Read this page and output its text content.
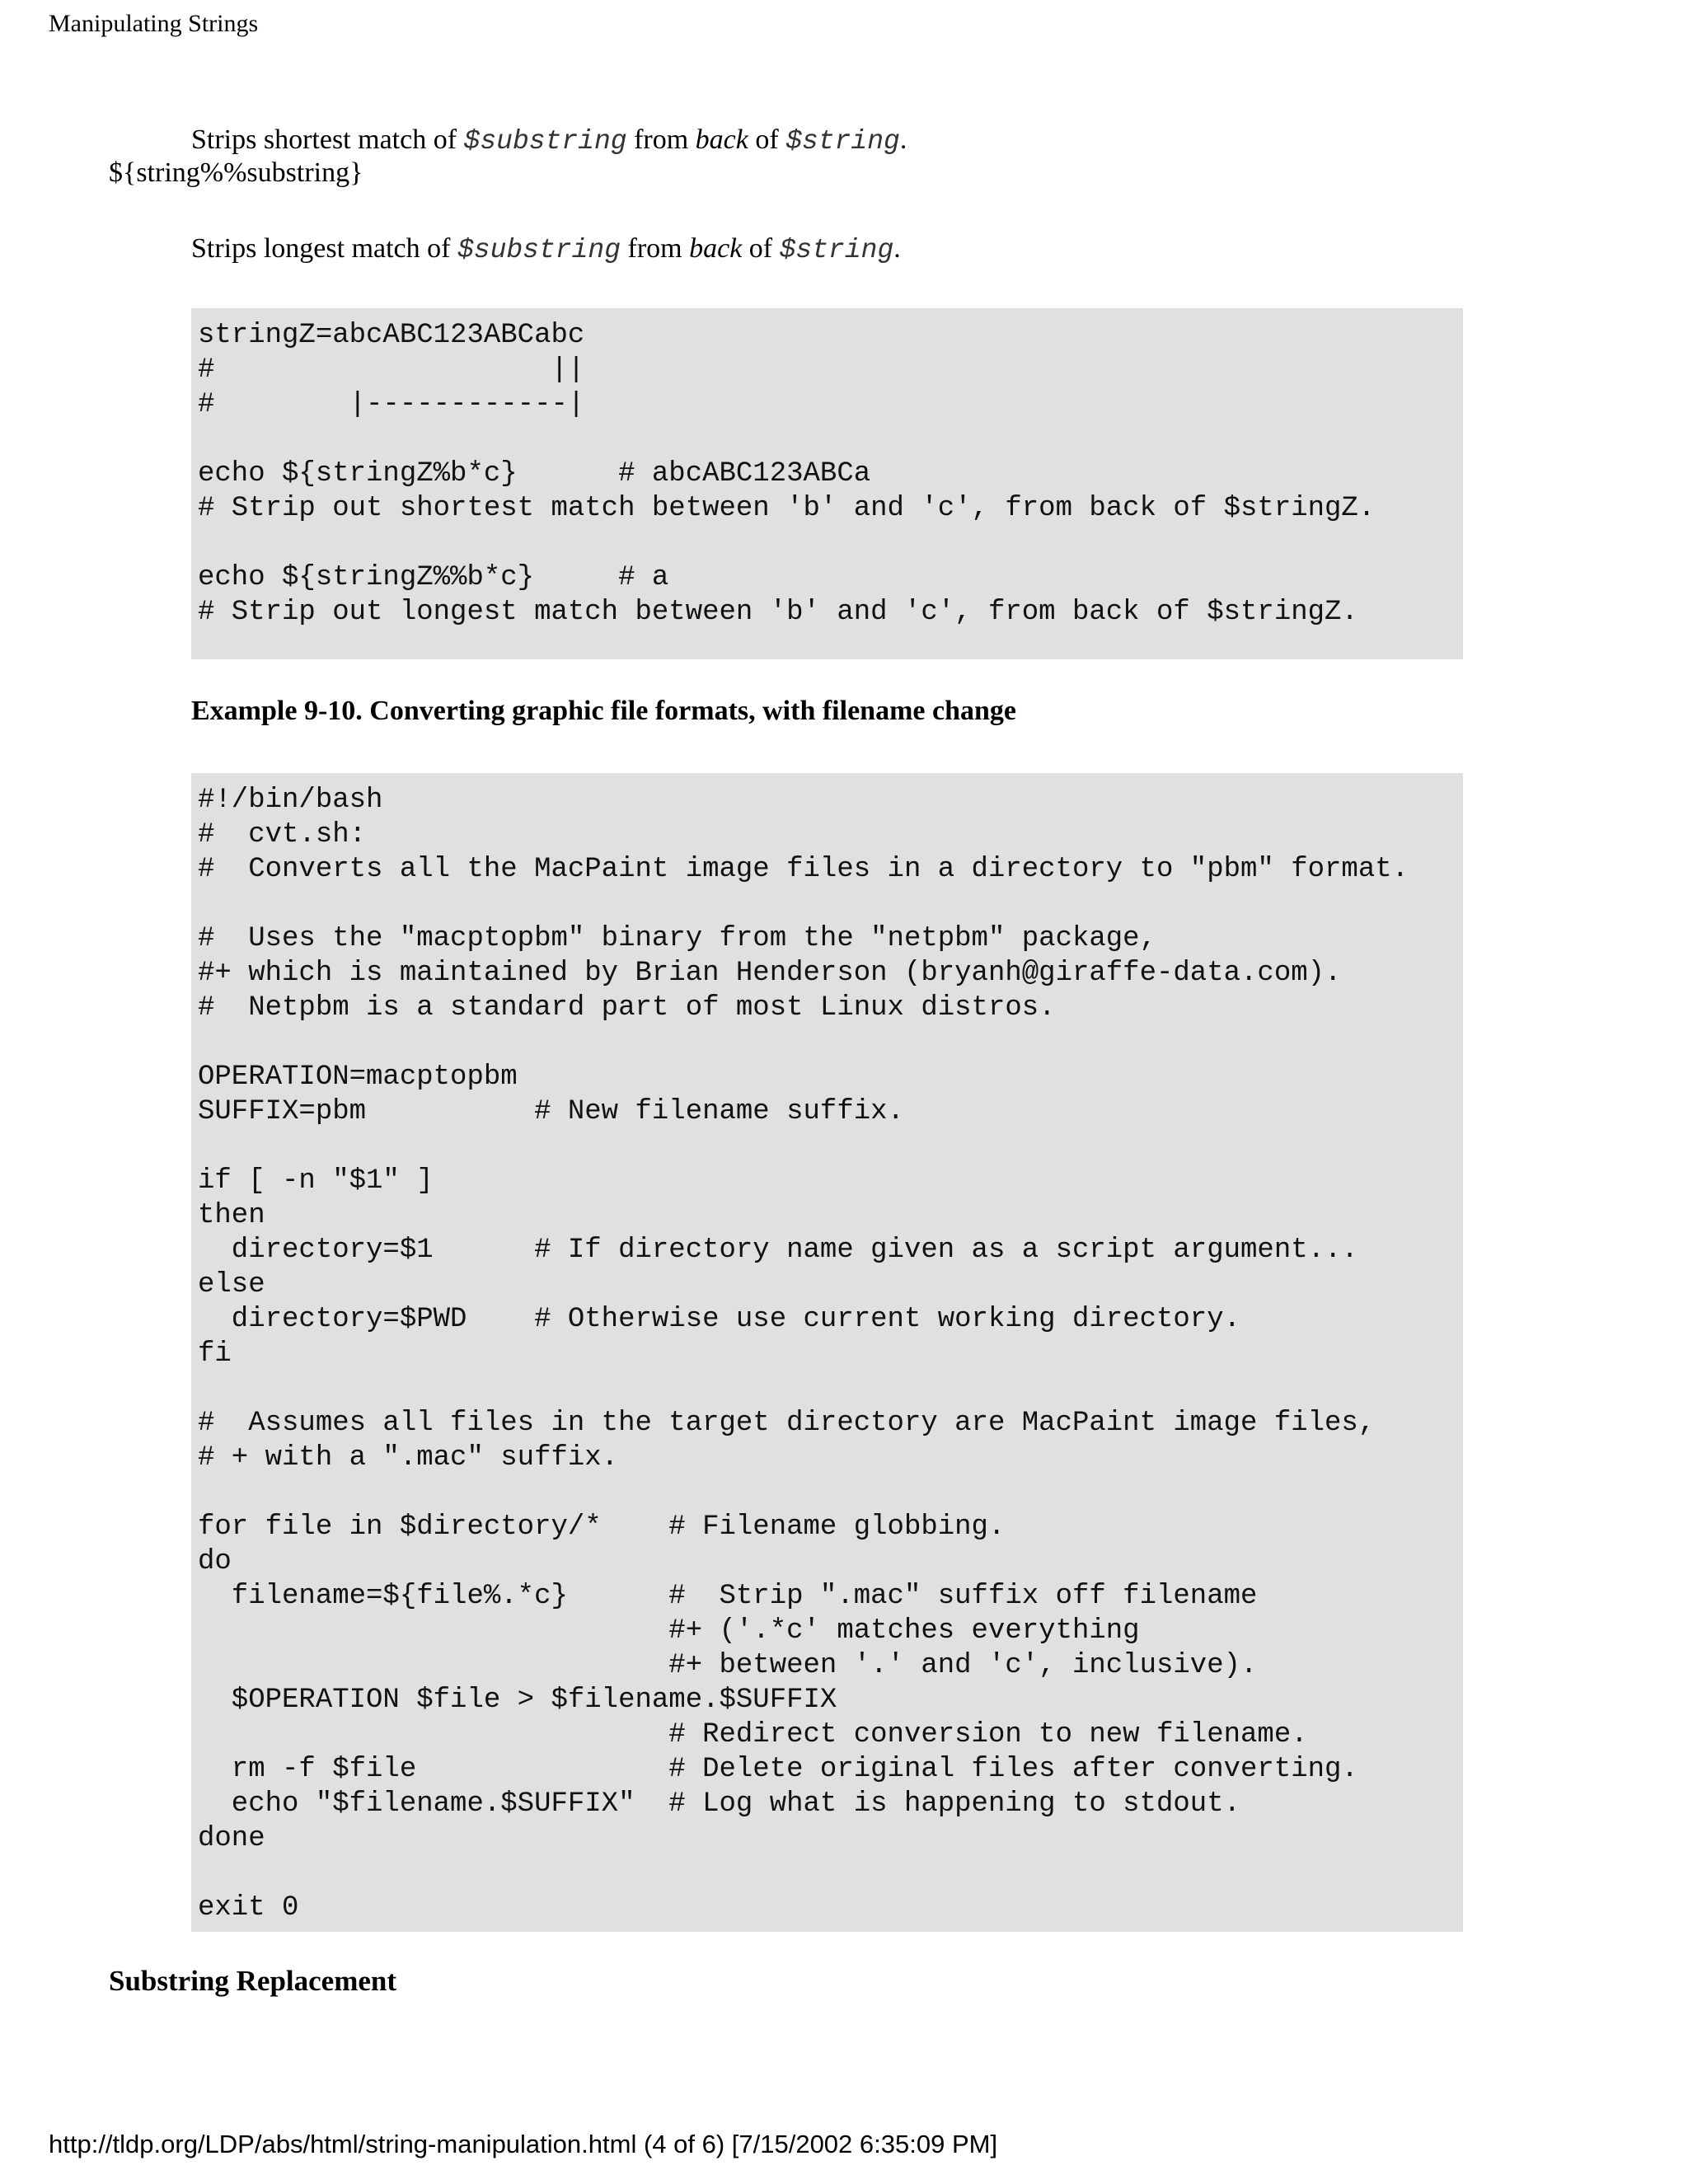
Manipulating Strings
Strips shortest match of $substring from back of $string.
${string%%substring}
Strips longest match of $substring from back of $string.
stringZ=abcABC123ABCabc
#                    ||
#        |------------|

echo ${stringZ%b*c}      # abcABC123ABCa
# Strip out shortest match between 'b' and 'c', from back of $stringZ.

echo ${stringZ%%b*c}     # a
# Strip out longest match between 'b' and 'c', from back of $stringZ.

Example 9-10. Converting graphic file formats, with filename change
#!/bin/bash
#  cvt.sh:
#  Converts all the MacPaint image files in a directory to "pbm" format.

#  Uses the "macptopbm" binary from the "netpbm" package,
#+ which is maintained by Brian Henderson (bryanh@giraffe-data.com).
#  Netpbm is a standard part of most Linux distros.

OPERATION=macptopbm
SUFFIX=pbm          # New filename suffix.

if [ -n "$1" ]
then
directory=$1      # If directory name given as a script argument...
else
directory=$PWD    # Otherwise use current working directory.
fi

#  Assumes all files in the target directory are MacPaint image files,
# + with a ".mac" suffix.

for file in $directory/*    # Filename globbing.
do
filename=${file%.*c}      #  Strip ".mac" suffix off filename
#+ ('.*c' matches everything
#+ between '.' and 'c', inclusive).
$OPERATION $file > $filename.$SUFFIX
# Redirect conversion to new filename.
rm -f $file               # Delete original files after converting.
echo "$filename.$SUFFIX"  # Log what is happening to stdout.
done

exit 0

Substring Replacement
http://tldp.org/LDP/abs/html/string-manipulation.html (4 of 6) [7/15/2002 6:35:09 PM]
